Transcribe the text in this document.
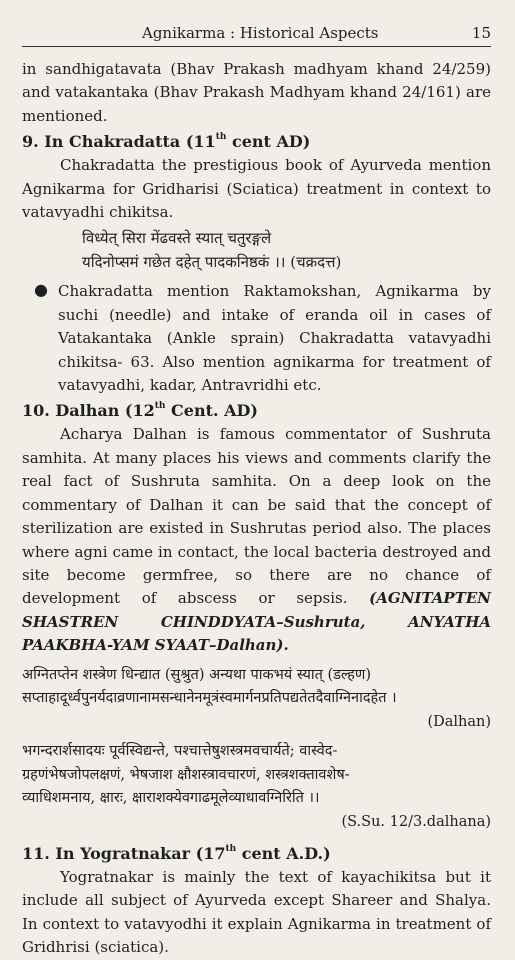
Agnikarma : Historical Aspects	15

in sandhigatavata (Bhav Prakash madhyam khand 24/259) and vatakantaka (Bhav Prakash Madhyam khand 24/161) are mentioned.

9. In Chakradatta (11th cent AD)

Chakradatta the prestigious book of Ayurveda mention Agnikarma for Gridharisi (Sciatica) treatment in context to vatavyadhi chikitsa.

विध्येत् सिरा मेंढवस्ते स्यात् चतुरङ्गले
यदिनोप्समं गछेत दहेत् पादकनिष्ठकं ।। (चक्रदत्त)
● Chakradatta mention Raktamokshan, Agnikarma by suchi (needle) and intake of eranda oil in cases of Vatakantaka (Ankle sprain) Chakradatta vatavyadhi chikitsa- 63. Also mention agnikarma for treatment of vatavyadhi, kadar, Antravridhi etc.

10. Dalhan (12th Cent. AD)

Acharya Dalhan is famous commentator of Sushruta samhita. At many places his views and comments clarify the real fact of Sushruta samhita. On a deep look on the commentary of Dalhan it can be said that the concept of sterilization are existed in Sushrutas period also. The places where agni came in contact, the local bacteria destroyed and site become germfree, so there are no chance of development of abscess or sepsis. (AGNITAPTEN SHASTREN CHINDDYATA–Sushruta, ANYATHA PAAKBHA-YAM SYAAT–Dalhan).

अग्नितप्तेन शस्त्रेण धिन्द्यात (सुश्रुत) अन्यथा पाकभयं स्यात् (डल्हण)
सप्ताहादूर्ध्वपुनर्यदाव्रणानामसन्धानेनमूत्रंस्वमार्गनप्रतिपद्यतेतदैवाग्निनादहेत ।
(Dalhan)
भगन्दरार्शसादयः पूर्वस्विद्यन्ते, पश्चात्तेषुशस्त्रमवचार्यते; वास्वेद-
ग्रहणंभेषजोपलक्षणं, भेषजाश क्षौशस्त्रावचारणं, शस्त्रशक्तावशेष-
व्याधिशमनाय, क्षारः, क्षाराशक्येवगाढमूलेव्याधावग्निरिति ।।
(S.Su. 12/3.dalhana)
11. In Yogratnakar (17th cent A.D.)

Yogratnakar is mainly the text of kayachikitsa but it include all subject of Ayurveda except Shareer and Shalya. In context to vatavyodhi it explain Agnikarma in treatment of Gridhrisi (sciatica).
